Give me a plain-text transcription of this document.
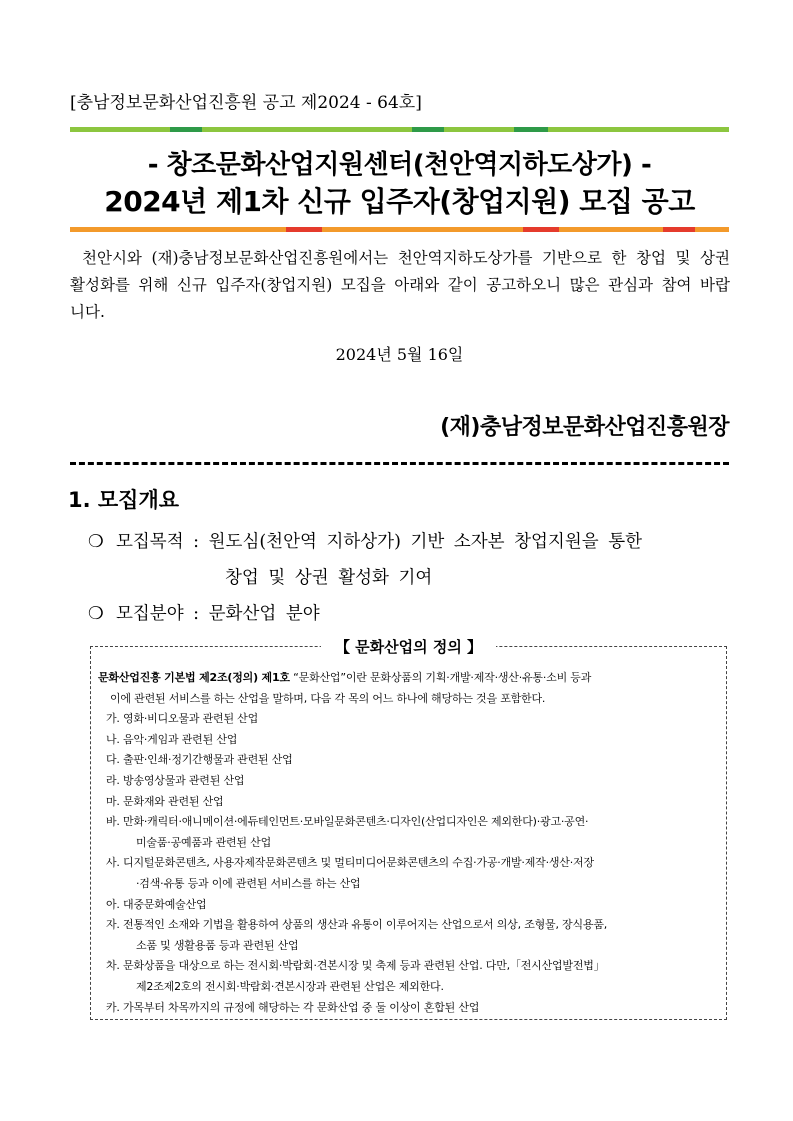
[충남정보문화산업진흥원 공고 제2024 - 64호]
- 창조문화산업지원센터(천안역지하도상가) -
2024년 제1차 신규 입주자(창업지원) 모집 공고
천안시와 (재)충남정보문화산업진흥원에서는 천안역지하도상가를 기반으로 한 창업 및 상권 활성화를 위해 신규 입주자(창업지원) 모집을 아래와 같이 공고하오니 많은 관심과 참여 바랍니다.
2024년 5월 16일
(재)충남정보문화산업진흥원장
1. 모집개요
❍ 모집목적 : 원도심(천안역 지하상가) 기반 소자본 창업지원을 통한
창업 및 상권 활성화 기여
❍ 모집분야 : 문화산업 분야
【 문화산업의 정의 】
문화산업진흥 기본법 제2조(정의) 제1호 “문화산업”이란 문화상품의 기획‧개발‧제작‧생산‧유통‧소비 등과
이에 관련된 서비스를 하는 산업을 말하며, 다음 각 목의 어느 하나에 해당하는 것을 포함한다.
가. 영화‧비디오물과 관련된 산업
나. 음악‧게임과 관련된 산업
다. 출판‧인쇄‧정기간행물과 관련된 산업
라. 방송영상물과 관련된 산업
마. 문화재와 관련된 산업
바. 만화‧캐릭터‧애니메이션‧에듀테인먼트‧모바일문화콘텐츠‧디자인(산업디자인은 제외한다)‧광고‧공연‧
미술품‧공예품과 관련된 산업
사. 디지털문화콘텐츠, 사용자제작문화콘텐츠 및 멀티미디어문화콘텐츠의 수집‧가공‧개발‧제작‧생산‧저장
‧검색‧유통 등과 이에 관련된 서비스를 하는 산업
아. 대중문화예술산업
자. 전통적인 소재와 기법을 활용하여 상품의 생산과 유통이 이루어지는 산업으로서 의상, 조형물, 장식용품,
소품 및 생활용품 등과 관련된 산업
차. 문화상품을 대상으로 하는 전시회‧박람회‧견본시장 및 축제 등과 관련된 산업. 다만,「전시산업발전법」
제2조제2호의 전시회‧박람회‧견본시장과 관련된 산업은 제외한다.
카. 가목부터 차목까지의 규정에 해당하는 각 문화산업 중 둘 이상이 혼합된 산업
